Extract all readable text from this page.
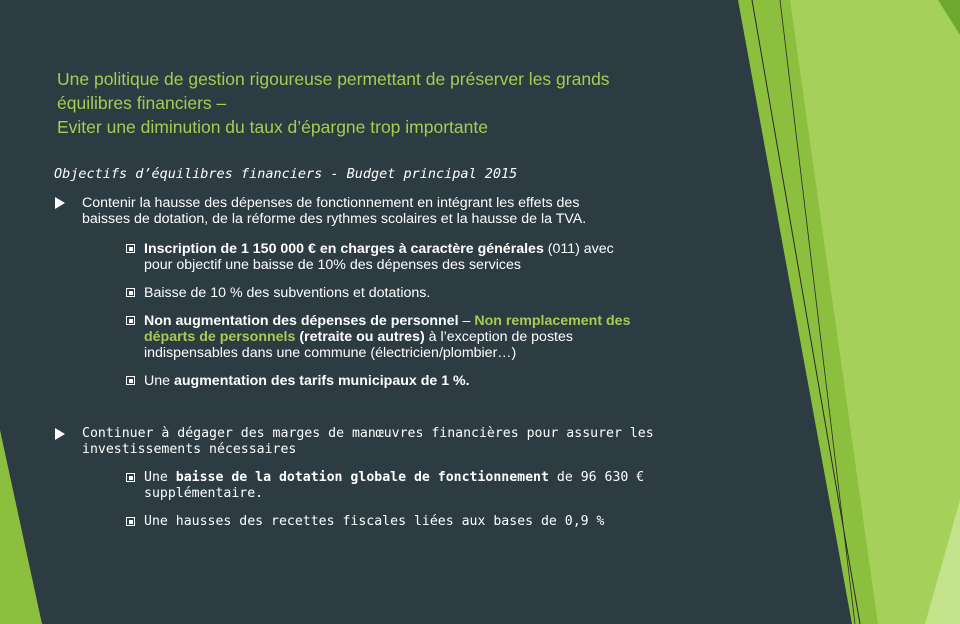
Une politique de gestion rigoureuse permettant de préserver les grands
équilibres financiers –
Eviter une diminution du taux d’épargne trop importante
Objectifs d’équilibres financiers - Budget principal 2015
Contenir la hausse des dépenses de fonctionnement en intégrant les effets des
baisses de dotation, de la réforme des rythmes scolaires et la hausse de la TVA.
Inscription de 1 150 000 € en charges à caractère générales (011) avec
pour objectif une baisse de 10% des dépenses des services
Baisse de 10 % des subventions et dotations.
Non augmentation des dépenses de personnel – Non remplacement des
départs de personnels (retraite ou autres) à l’exception de postes
indispensables dans une commune (électricien/plombier…)
Une augmentation des tarifs municipaux de 1 %.
Continuer à dégager des marges de manœuvres financières pour assurer les
investissements nécessaires
Une baisse de la dotation globale de fonctionnement de 96 630 €
supplémentaire.
Une hausses des recettes fiscales liées aux bases de 0,9 %
